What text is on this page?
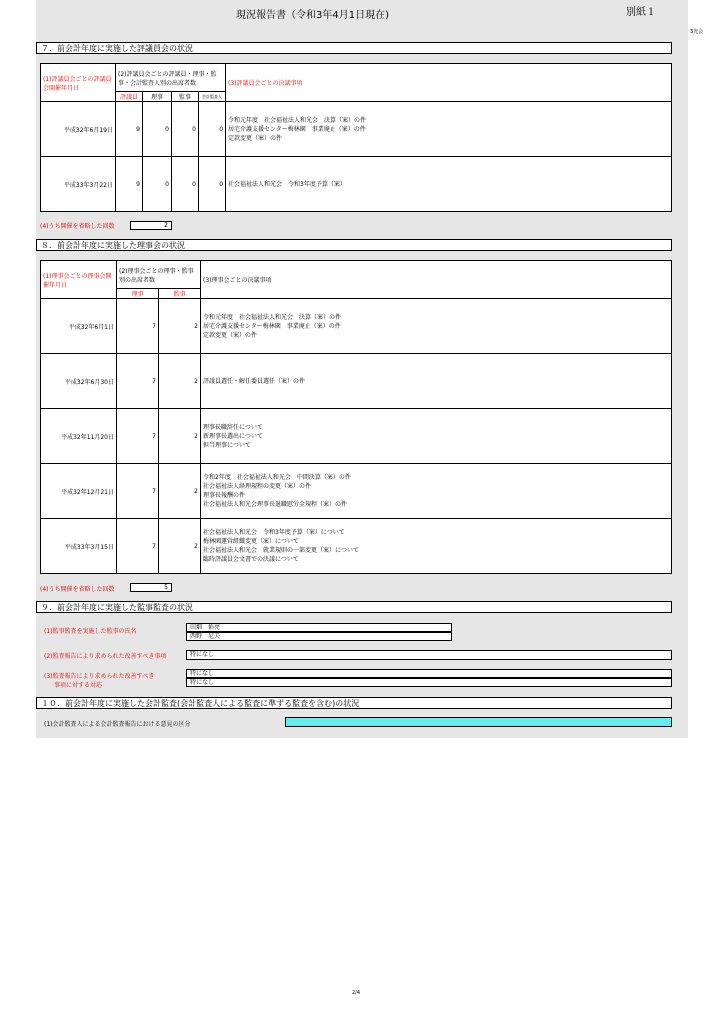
現況報告書（令和3年4月1日現在)	別紙１
3光会
７．前会計年度に実施した評議員会の状況
(1)評議員会ごとの評議員会開催年月日	(2)評議員会ごとの評議員・理事・監事・会計監査人別の出席者数				(3)評議員会ごとの決議事項
	評議員	理事	監事	会計監査人	
平成32年6月19日	9	0	0	0	令和元年度　社会福祉法人和光会　決算（案）の件
居宅介護支援センター梅林園　事業廃止（案）の件
定款変更（案）の件

平成33年3月22日	9	0	0	0	社会福祉法人和光会　令和3年度予算（案）
(4)うち開催を省略した回数	2
８．前会計年度に実施した理事会の状況
(1)理事会ごとの理事会開催年月日	(2)理事会ごとの理事・監事別の出席者数		(3)理事会ごとの決議事項
	理事	監事	
平成32年6月1日	7	2	令和元年度　社会福祉法人和光会　決算（案）の件
居宅介護支援センター梅林園　事業廃止（案）の件
定款変更（案）の件

平成32年6月30日	7	2	評議員選任・解任委員選任（案）の件

平成32年11月20日	7	2	理事長職辞任について
新理事長選出について
担当理事について

平成32年12月21日	7	2	令和2年度　社会福祉法人和光会　中間決算（案）の件
社会福祉法人経理規程の変更（案）の件
理事長報酬の件
社会福祉法人和光会理事長退職慰労金規程（案）の件

平成33年3月15日	7	2	社会福祉法人和光会　令和3年度予算（案）について
梅林園運営組織変更（案）について
社会福祉法人和光会　就業規則の一部変更（案）について
臨時評議員会文書での決議について
(4)うち開催を省略した回数	5
９．前会計年度に実施した監事監査の状況
(1)監事監査を実施した監事の氏名
田畑　佑亮
西野　尼夫
(2)監査報告により求められた改善すべき事項	特になし
(3)監査報告により求められた改善すべき
事項に対する対応
特になし
特になし
１０．前会計年度に実施した会計監査(会計監査人による監査に準ずる監査を含む)の状況
(1)会計監査人による会計監査報告における意見の区分
2/4
